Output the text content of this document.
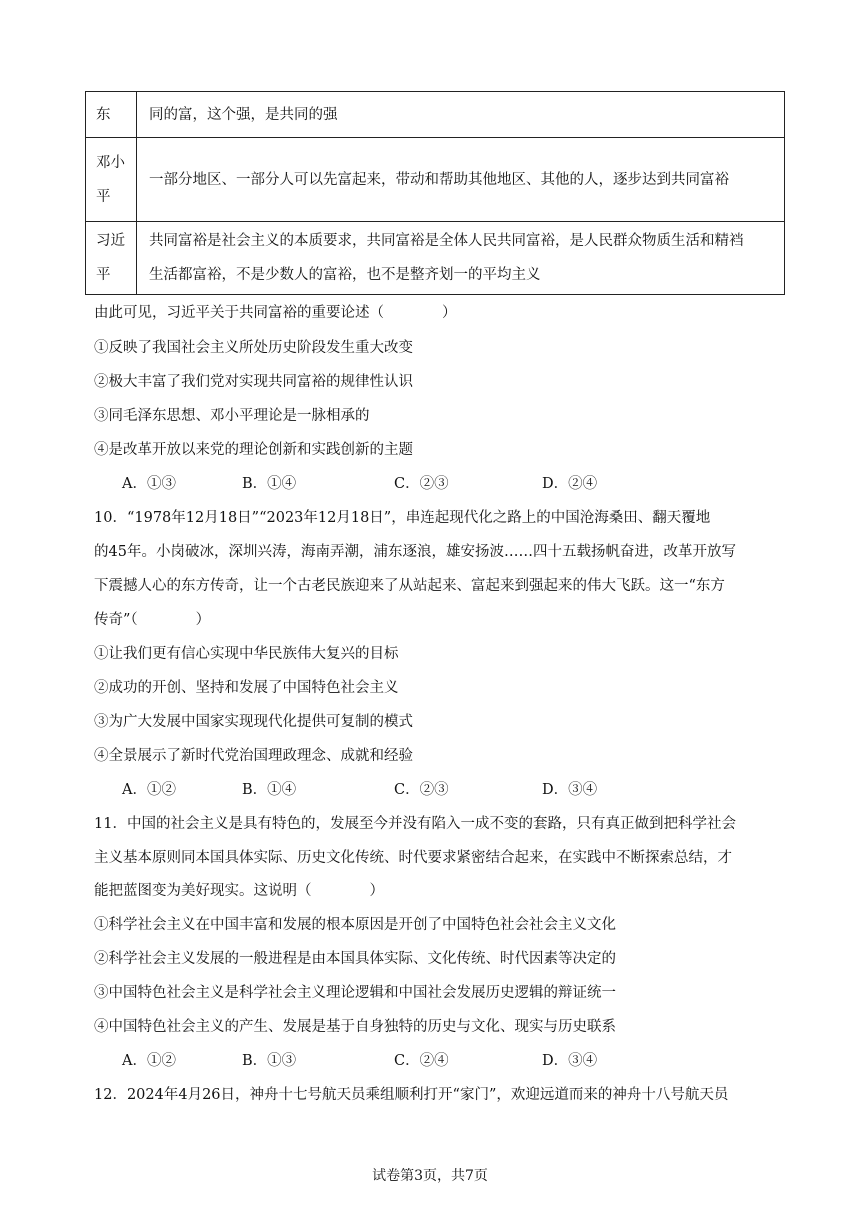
东	同的富，这个强，是共同的强
邓小平	一部分地区、一部分人可以先富起来，带动和帮助其他地区、其他的人，逐步达到共同富裕
习近平	共同富裕是社会主义的本质要求，共同富裕是全体人民共同富裕，是人民群众物质生活和精裆
生活都富裕，不是少数人的富裕，也不是整齐划一的平均主义
由此可见，习近平关于共同富裕的重要论述（　　　　）
①反映了我国社会主义所处历史阶段发生重大改变
②极大丰富了我们党对实现共同富裕的规律性认识
③同毛泽东思想、邓小平理论是一脉相承的
④是改革开放以来党的理论创新和实践创新的主题
A．①③	B．①④	C．②③	D．②④
10．“1978年12月18日”“2023年12月18日”，串连起现代化之路上的中国沧海桑田、翻天覆地
的45年。小岗破冰，深圳兴涛，海南弄潮，浦东逐浪，雄安扬波……四十五载扬帆奋进，改革开放写
下震撼人心的东方传奇，让一个古老民族迎来了从站起来、富起来到强起来的伟大飞跃。这一“东方
传奇”（　　　　）
①让我们更有信心实现中华民族伟大复兴的目标
②成功的开创、坚持和发展了中国特色社会主义
③为广大发展中国家实现现代化提供可复制的模式
④全景展示了新时代党治国理政理念、成就和经验
A．①②	B．①④	C．②③	D．③④
11．中国的社会主义是具有特色的，发展至今并没有陷入一成不变的套路，只有真正做到把科学社会
主义基本原则同本国具体实际、历史文化传统、时代要求紧密结合起来，在实践中不断探索总结，才
能把蓝图变为美好现实。这说明（　　　　）
①科学社会主义在中国丰富和发展的根本原因是开创了中国特色社会社会主义文化
②科学社会主义发展的一般进程是由本国具体实际、文化传统、时代因素等决定的
③中国特色社会主义是科学社会主义理论逻辑和中国社会发展历史逻辑的辩证统一
④中国特色社会主义的产生、发展是基于自身独特的历史与文化、现实与历史联系
A．①②	B．①③	C．②④	D．③④
12．2024年4月26日，神舟十七号航天员乘组顺利打开“家门”，欢迎远道而来的神舟十八号航天员
试卷第3页，共7页
